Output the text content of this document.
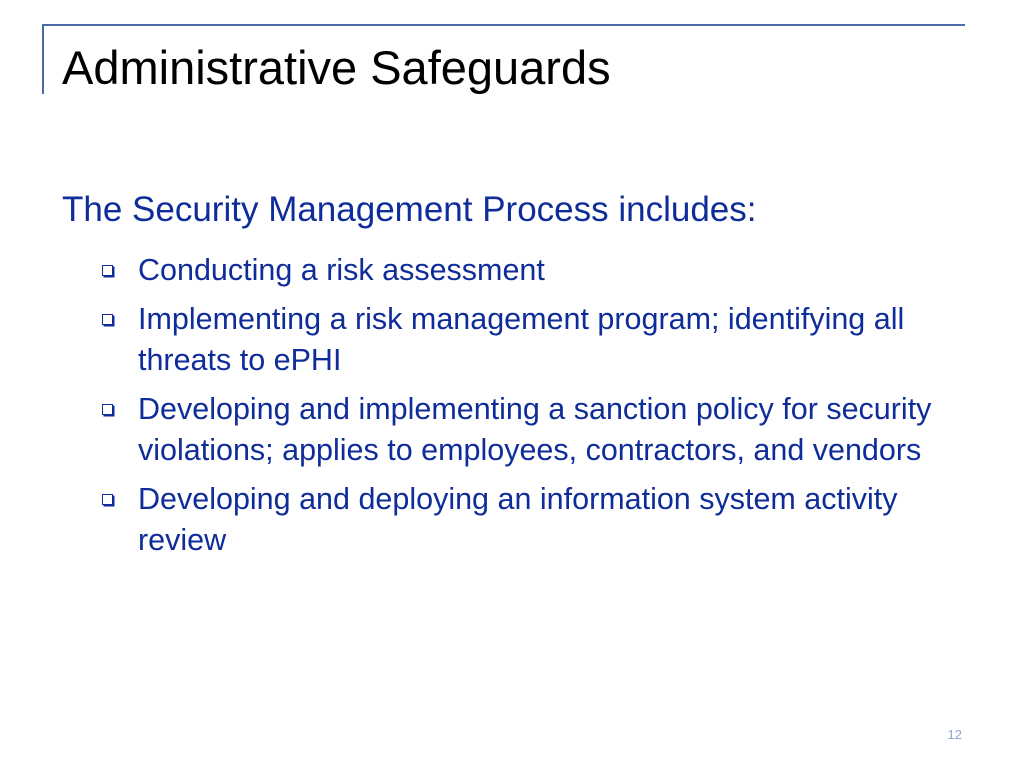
Administrative Safeguards

The Security Management Process includes:

Conducting a risk assessment
Implementing a risk management program; identifying all threats to ePHI
Developing and implementing a sanction policy for security violations; applies to employees, contractors, and vendors
Developing and deploying an information system activity review
12
